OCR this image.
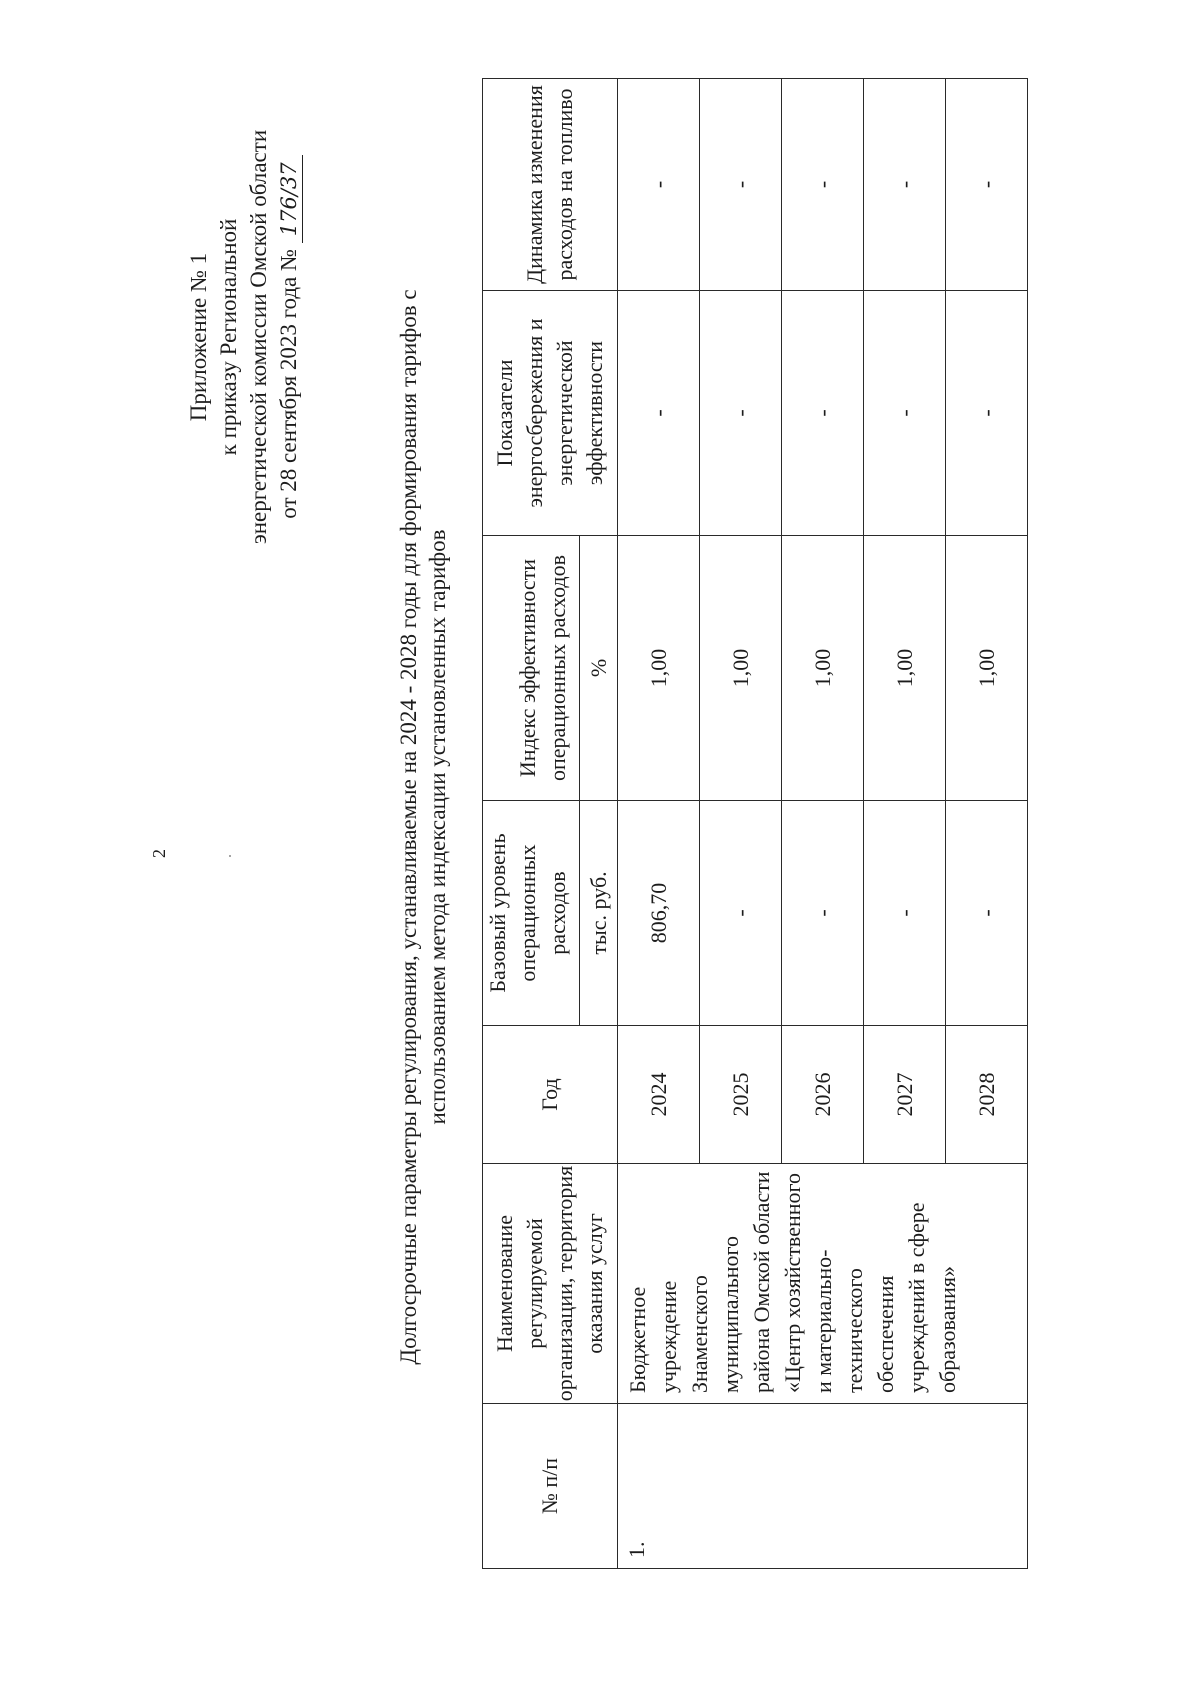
2
Приложение № 1 к приказу Региональной энергетической комиссии Омской области от 28 сентября 2023 года № 176/37
Долгосрочные параметры регулирования, устанавливаемые на 2024 - 2028 годы для формирования тарифов с использованием метода индексации установленных тарифов
№ п/п	Наименование регулируемой организации, территория оказания услуг	Год	Базовый уровень операционных расходов	Индекс эффективности операционных расходов	Показатели энергосбережения и энергетической эффективности	Динамика изменения расходов на топливо
			тыс. руб.	%		
1.	Бюджетное учреждение Знаменского муниципального района Омской области «Центр хозяйственного и материально-технического обеспечения учреждений в сфере образования»	2024	806,70	1,00	-	-
		2025	-	1,00	-	-
		2026	-	1,00	-	-
		2027	-	1,00	-	-
		2028	-	1,00	-	-
